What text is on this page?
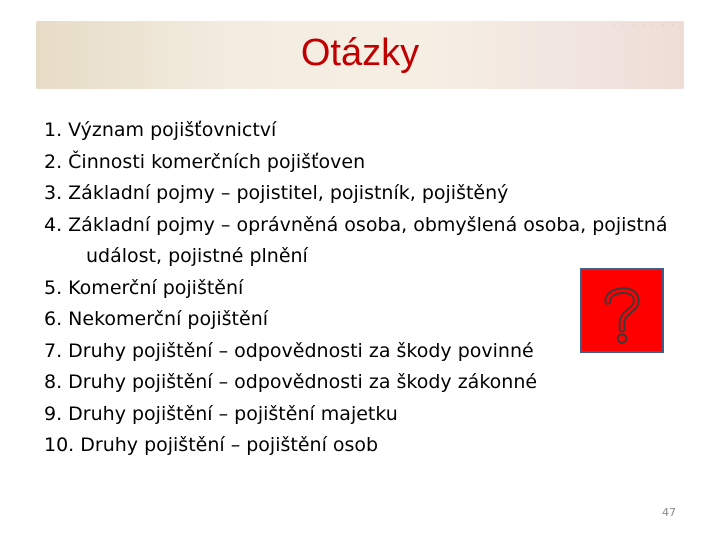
Otázky
· · · · · · ·
1. Význam pojišťovnictví
2. Činnosti komerčních pojišťoven
3. Základní pojmy – pojistitel, pojistník, pojištěný
4. Základní pojmy – oprávněná osoba, obmyšlená osoba, pojistná
událost, pojistné plnění
5. Komerční pojištění
6. Nekomerční pojištění
7. Druhy pojištění – odpovědnosti za škody povinné
8. Druhy pojištění – odpovědnosti za škody zákonné
9. Druhy pojištění – pojištění majetku
10. Druhy pojištění – pojištění osob
47
